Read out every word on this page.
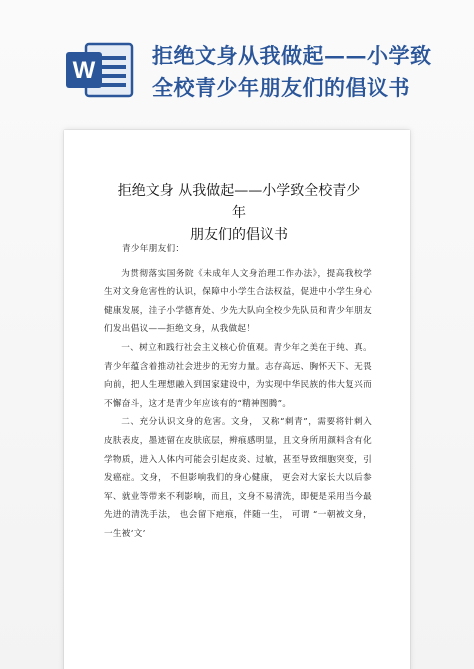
W
拒绝文身从我做起——小学致
全校青少年朋友们的倡议书
拒绝文身 从我做起——小学致全校青少年
朋友们的倡议书

青少年朋友们：

为贯彻落实国务院《未成年人文身治理工作办法》，提高我校学生对文身危害性的认识，保障中小学生合法权益，促进中小学生身心健康发展，洼子小学德育处、少先大队向全校少先队员和青少年朋友们发出倡议——拒绝文身，从我做起！

一、树立和践行社会主义核心价值观。青少年之美在于纯、真。青少年蕴含着推动社会进步的无穷力量。志存高远、胸怀天下、无畏向前，把人生理想融入到国家建设中，为实现中华民族的伟大复兴而不懈奋斗，这才是青少年应该有的“精神图腾”。

二、充分认识文身的危害。文身， 又称“刺青”，需要将针刺入皮肤表皮，墨迹留在皮肤底层，辨痕感明显，且文身所用颜料含有化学物质，进入人体内可能会引起皮炎、过敏，甚至导致细胞突变，引发癌症。文身， 不但影响我们的身心健康， 更会对大家长大以后参军、就业等带来不利影响，而且，文身不易清洗，即便是采用当今最先进的清洗手法， 也会留下疤痕，伴随一生， 可谓 “一朝被文身， 一生被‘文’
